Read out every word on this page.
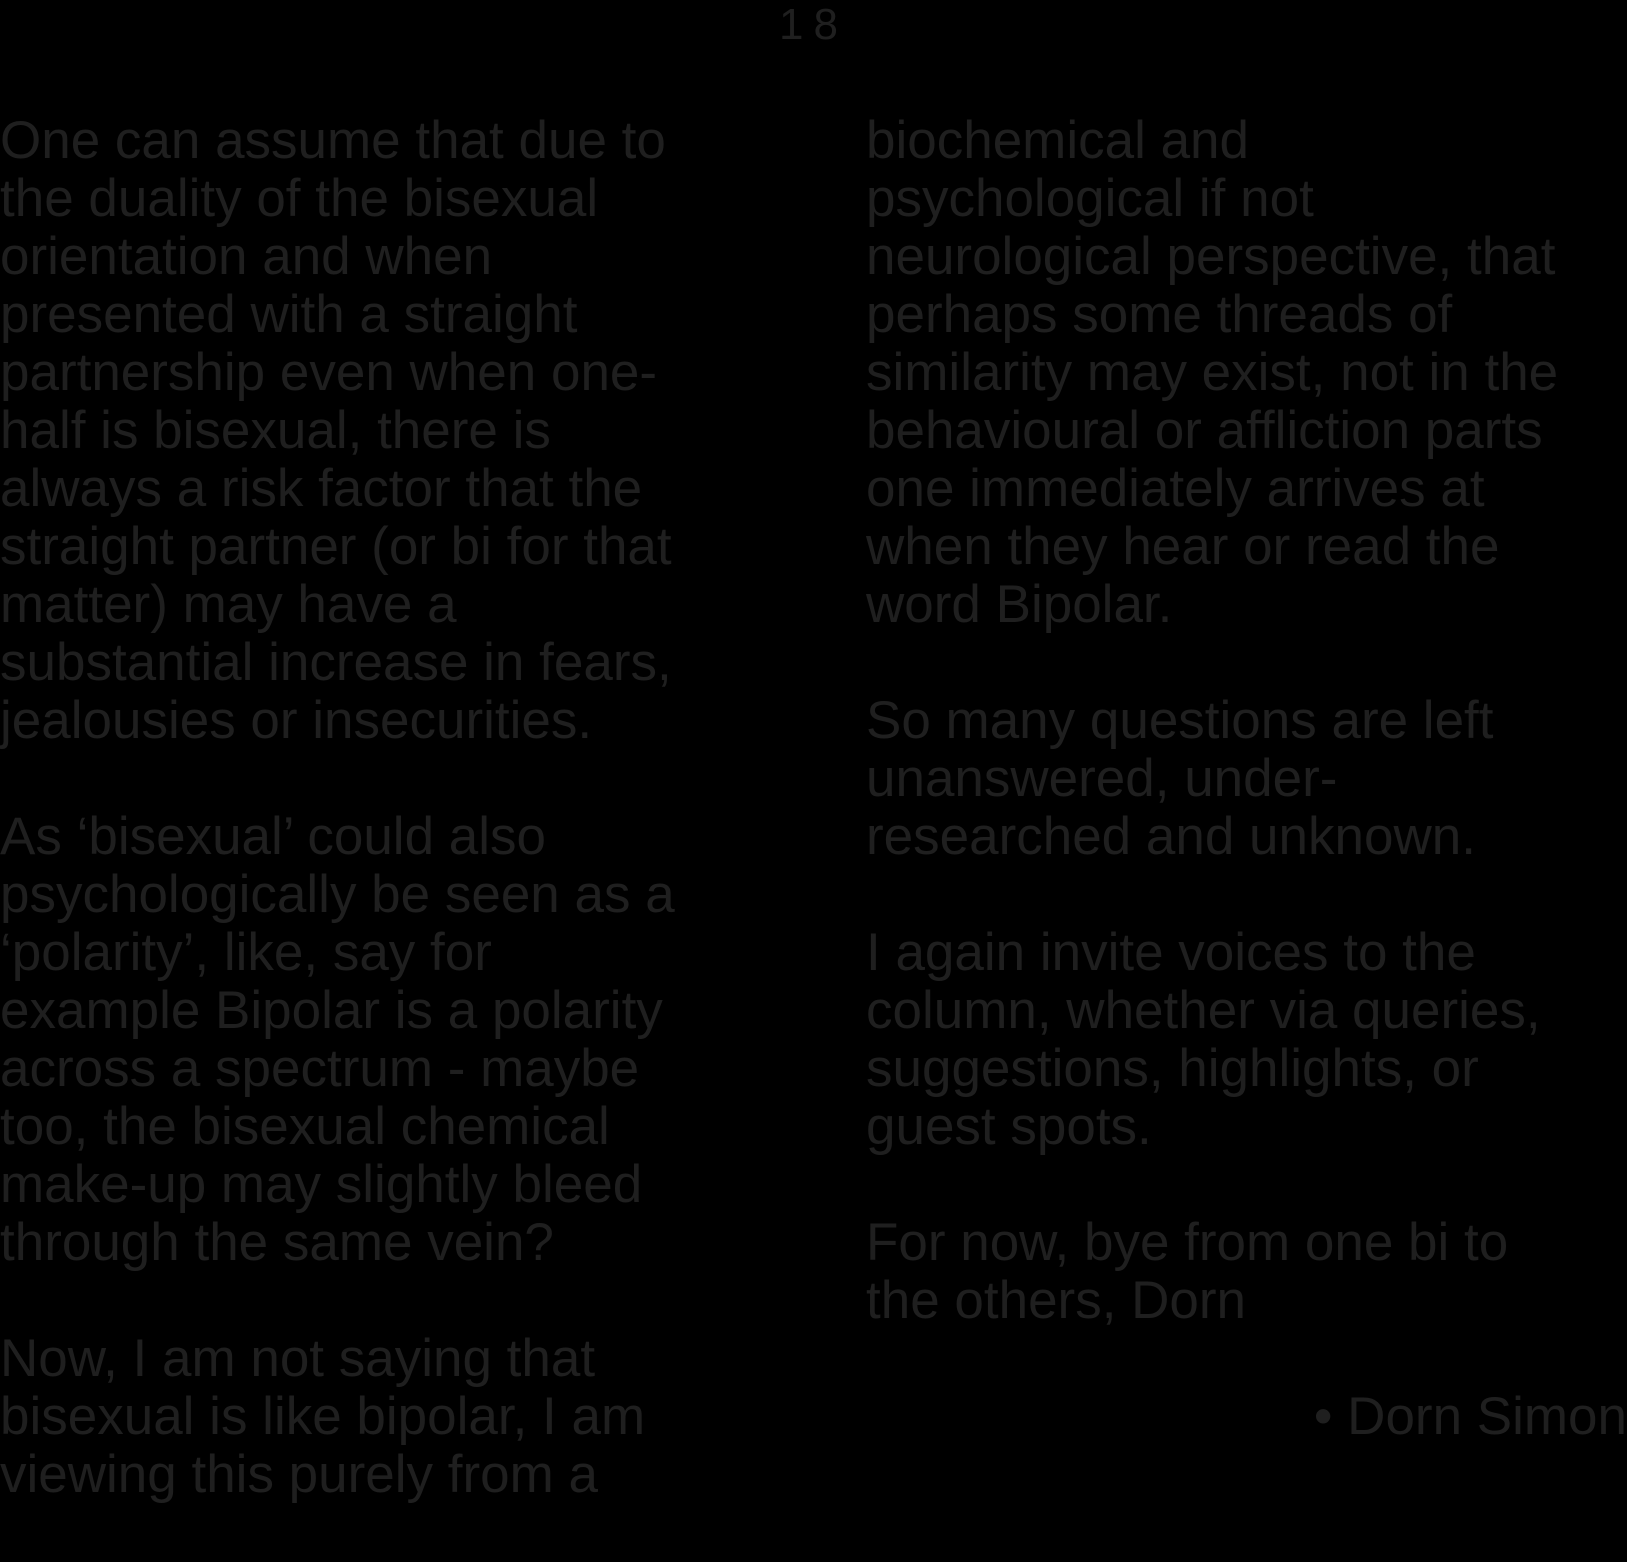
18

One can assume that due to
the duality of the bisexual
orientation and when
presented with a straight
partnership even when one-
half is bisexual, there is
always a risk factor that the
straight partner (or bi for that
matter) may have a
substantial increase in fears,
jealousies or insecurities.

As ‘bisexual’ could also
psychologically be seen as a
‘polarity’, like, say for
example Bipolar is a polarity
across a spectrum - maybe
too, the bisexual chemical
make-up may slightly bleed
through the same vein?

Now, I am not saying that
bisexual is like bipolar, I am
viewing this purely from a

biochemical and
psychological if not
neurological perspective, that
perhaps some threads of
similarity may exist, not in the
behavioural or affliction parts
one immediately arrives at
when they hear or read the
word Bipolar.

So many questions are left
unanswered, under-
researched and unknown.

I again invite voices to the
column, whether via queries,
suggestions, highlights, or
guest spots.

For now, bye from one bi to
the others, Dorn

• Dorn Simon
